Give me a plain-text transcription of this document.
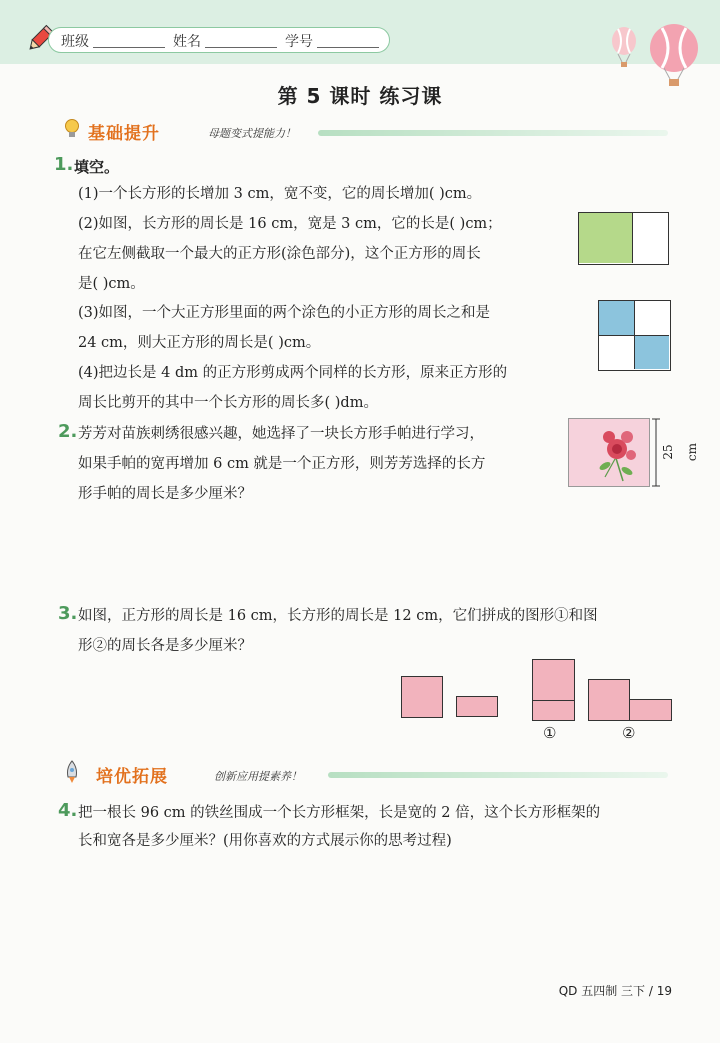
班级	姓名	学号
第 5 课时 练习课
基础提升	母题变式提能力！
1. 填空。
(1)一个长方形的长增加 3 cm，宽不变，它的周长增加( )cm。
(2)如图，长方形的周长是 16 cm，宽是 3 cm，它的长是( )cm；
在它左侧截取一个最大的正方形(涂色部分)，这个正方形的周长
是( )cm。
(3)如图，一个大正方形里面的两个涂色的小正方形的周长之和是
24 cm，则大正方形的周长是( )cm。
(4)把边长是 4 dm 的正方形剪成两个同样的长方形，原来正方形的
周长比剪开的其中一个长方形的周长多( )dm。
2. 芳芳对苗族刺绣很感兴趣，她选择了一块长方形手帕进行学习，
如果手帕的宽再增加 6 cm 就是一个正方形，则芳芳选择的长方
形手帕的周长是多少厘米？
25 cm
3. 如图，正方形的周长是 16 cm，长方形的周长是 12 cm，它们拼成的图形①和图
形②的周长各是多少厘米？
①	②
培优拓展	创新应用提素养！
4. 把一根长 96 cm 的铁丝围成一个长方形框架，长是宽的 2 倍，这个长方形框架的
长和宽各是多少厘米？(用你喜欢的方式展示你的思考过程)
QD 五四制 三下 / 19
